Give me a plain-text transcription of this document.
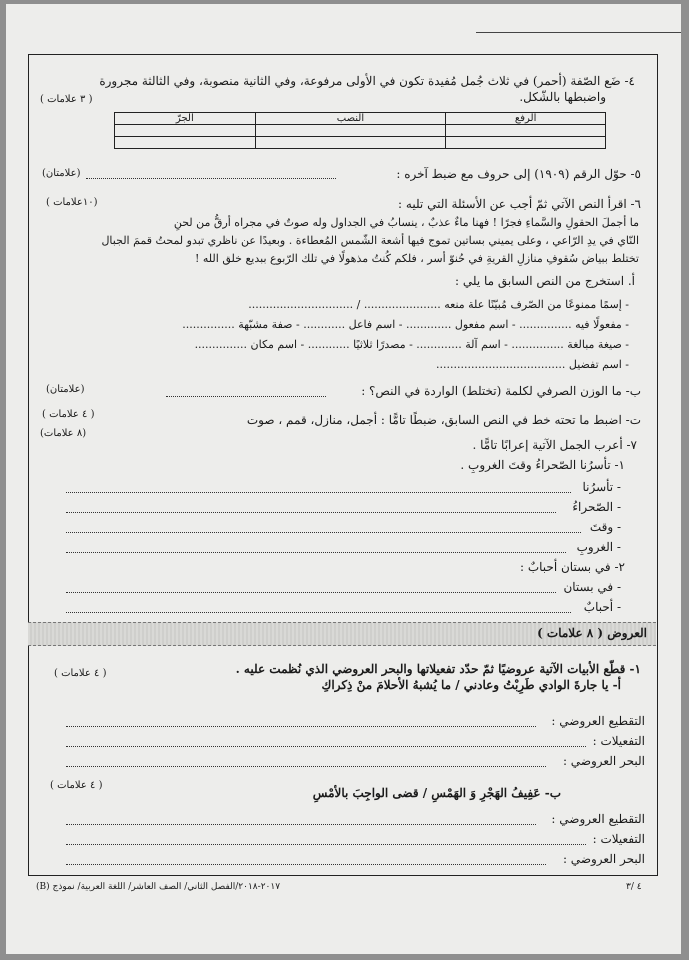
٤- ضَع الصّفة (أحمر) في ثلاث جُمل مُفيدة تكون في الأولى مرفوعة، وفي الثانية منصوبة، وفي الثالثة مجرورة
واضبطها بالشّكل.
( ٣ علامات )
الرفع	النصب	الجرّ

٥- حوّل الرقم (١٩٠٩) إلى حروف مع ضبط آخره :
(علامتان)
٦- اقرأ النص الآتي ثمّ أجب عن الأسئلة التي تليه :
(١٠علامات )
ما أجملَ الحقولِ والسَّماءِ فجرًا ! فهنا ماءٌ عذبٌ ، ينسابُ في الجداول وله صوتٌ في مجراه أرقُّ من لحنِ
النّاي في يدِ الرّاعي ، وعلى يميني بساتين تموج فيها أشعة الشّمس المُعطاءة . وبعيدًا عن ناظري تبدو لمحتُ قممَ الجبال
تختلط ببياض سُقوفِ منازلِ القريةِ في حُنوّ أسر ، فلكم كُنتُ مذهولًا في تلك الرّبوع ببديع خلق الله !
أ. استخرج من النص السابق ما يلي :
- إسمًا ممنوعًا من الصّرف مُبيّنًا علة منعه ...................... / ..............................
- مفعولًا فيه ............... - اسم مفعول ............. - اسم فاعل ............ - صفة مشبّهة ...............
- صيغة مبالغة ............... - اسم آلة ............. - مصدرًا ثلاثيًا ............ - اسم مكان ...............
- اسم تفضيل .....................................
ب- ما الوزن الصرفي لكلمة (تختلط) الواردة في النص؟ :
(علامتان)
ت- اضبط ما تحته خط في النص السابق، ضبطًا تامًّا : أجمل، منازل، قمم ، صوت
( ٤ علامات )
٧- أعرب الجمل الآتية إعرابًا تامًّا .
(٨ علامات)
١- تأسرُنا الصّحراءُ وقتَ الغروبِ .
- تأسرُنا
- الصّحراءُ
- وقتَ
- الغروبِ
٢- في بستان أحبابٌ :
- في بستان
- أحبابٌ
العروض ( ٨ علامات )
١- قطّع الأبيات الآتية عروضيًا ثمّ حدّد تفعيلاتها والبحر العروضي الذي نُظمت عليه .
أ- يا جارةَ الوادي طَرِبْتُ وعادني / ما يُشبهُ الأحلامَ منْ ذِكراكِ
( ٤ علامات )
التقطيع العروضي :
التفعيلات :
البحر العروضي :
ب- عَفِيفُ الهَجْرِ وَ الهَمْسِ / قضى الواجِبَ بالأمْسِ
( ٤ علامات )
التقطيع العروضي :
التفعيلات :
البحر العروضي :
٢٠١٧-٢٠١٨/الفصل الثاني/ الصف العاشر/ اللغة العربية/ نموذج (B)	٤ /٣
